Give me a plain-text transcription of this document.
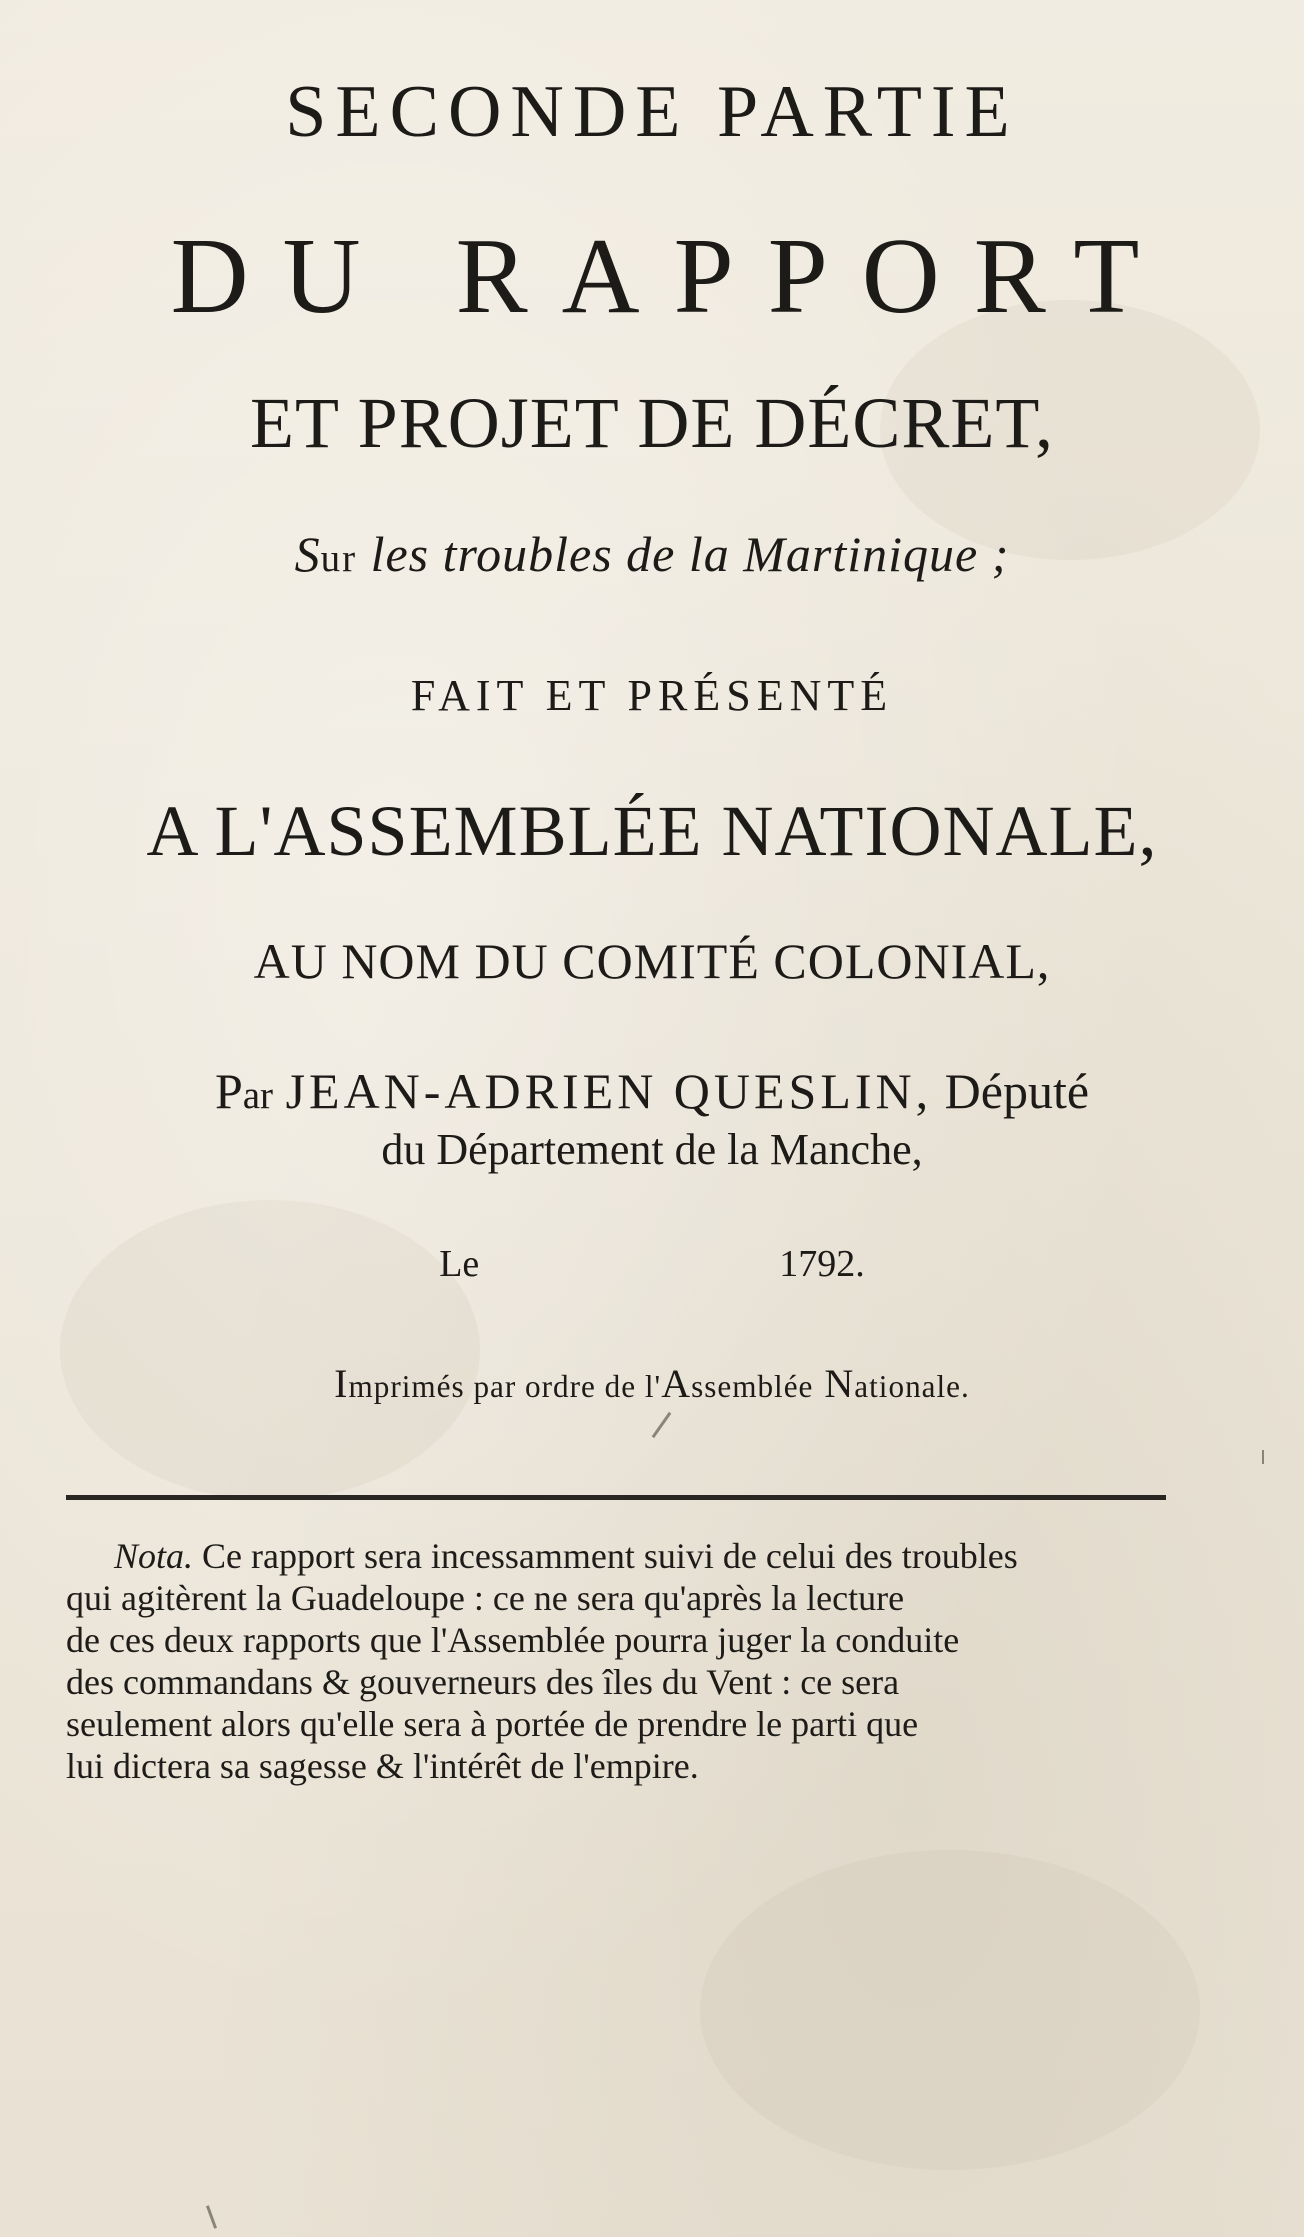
SECONDE PARTIE
DU RAPPORT
ET PROJET DE DÉCRET,
Sur les troubles de la Martinique ;
FAIT ET PRÉSENTÉ
A L'ASSEMBLÉE NATIONALE,
AU NOM DU COMITÉ COLONIAL,
Par JEAN-ADRIEN QUESLIN, Député
du Département de la Manche,
Le	1792.
Imprimés par ordre de l'Assemblée Nationale.
Nota. Ce rapport sera incessamment suivi de celui des troubles
qui agitèrent la Guadeloupe : ce ne sera qu'après la lecture
de ces deux rapports que l'Assemblée pourra juger la conduite
des commandans & gouverneurs des îles du Vent : ce sera
seulement alors qu'elle sera à portée de prendre le parti que
lui dictera sa sagesse & l'intérêt de l'empire.
